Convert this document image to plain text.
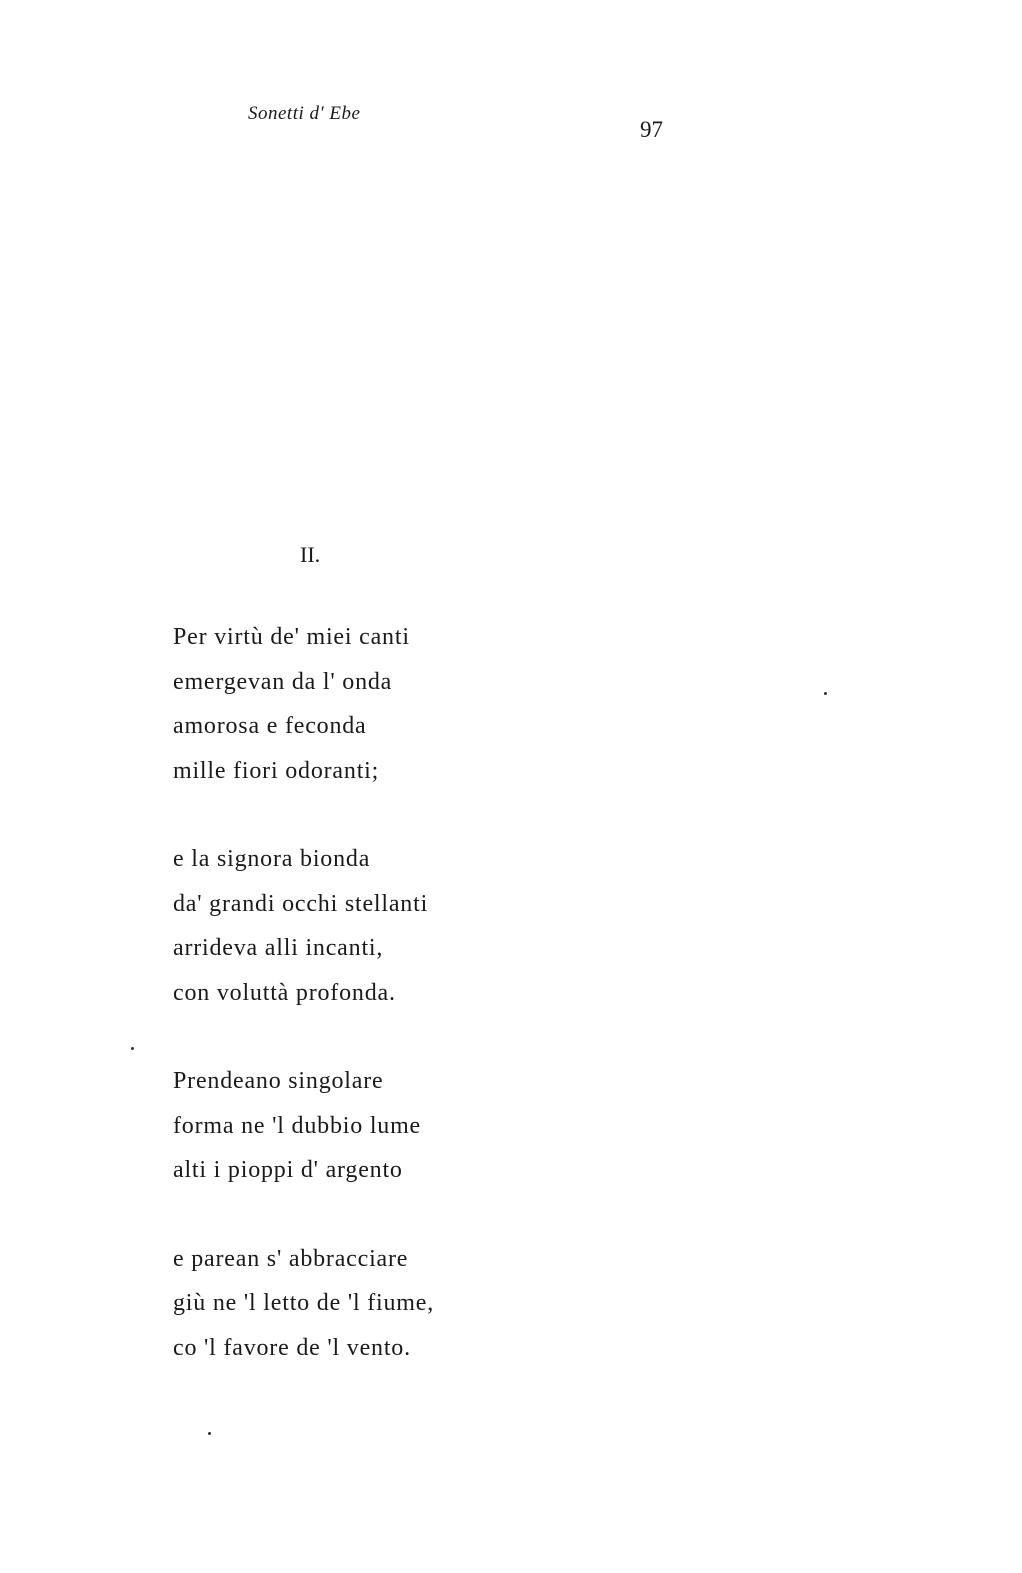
Sonetti d' Ebe
97
II.
Per virtù de' miei canti
emergevan da l' onda
amorosa e feconda
mille fiori odoranti;
e la signora bionda
da' grandi occhi stellanti
arrideva alli incanti,
con voluttà profonda.
Prendeano singolare
forma ne 'l dubbio lume
alti i pioppi d' argento
e parean s' abbracciare
giù ne 'l letto de 'l fiume,
co 'l favore de 'l vento.
